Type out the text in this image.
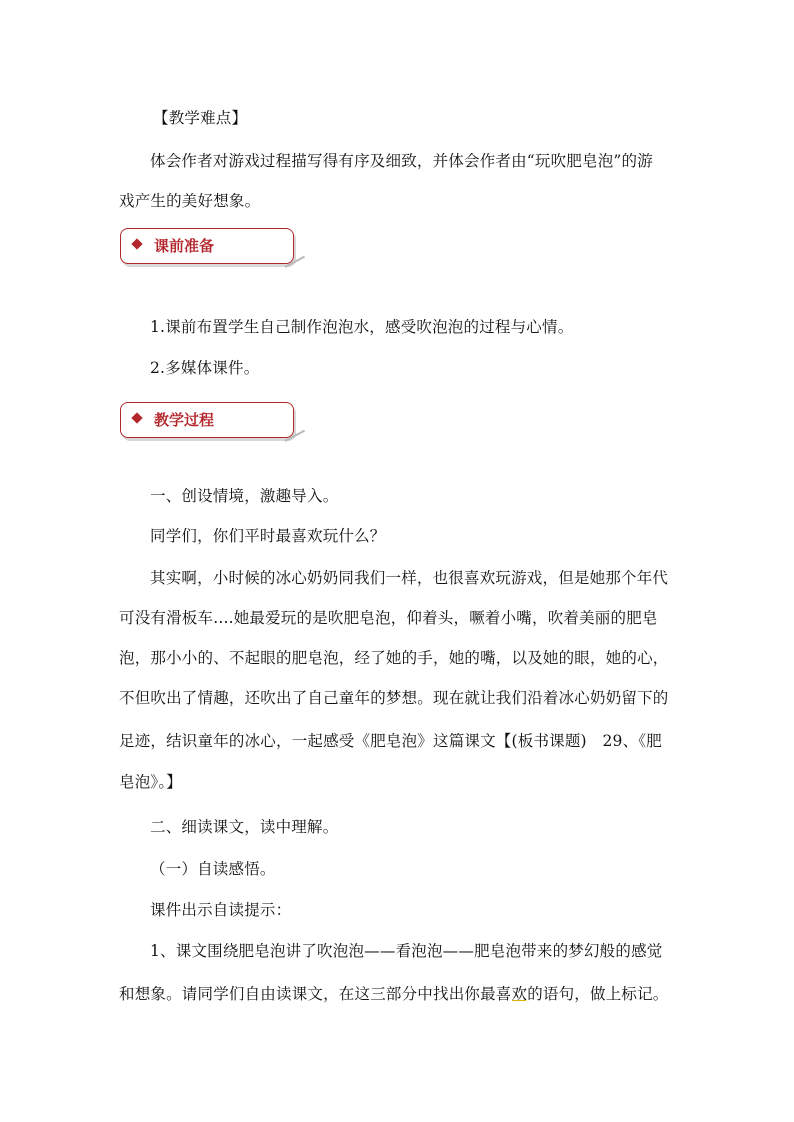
【教学难点】

体会作者对游戏过程描写得有序及细致，并体会作者由“玩吹肥皂泡”的游

戏产生的美好想象。

课前准备

1.课前布置学生自己制作泡泡水，感受吹泡泡的过程与心情。

2.多媒体课件。

教学过程

一、创设情境，激趣导入。

同学们，你们平时最喜欢玩什么？

其实啊，小时候的冰心奶奶同我们一样，也很喜欢玩游戏，但是她那个年代

可没有滑板车....她最爱玩的是吹肥皂泡，仰着头，噘着小嘴，吹着美丽的肥皂

泡，那小小的、不起眼的肥皂泡，经了她的手，她的嘴，以及她的眼，她的心，

不但吹出了情趣，还吹出了自己童年的梦想。现在就让我们沿着冰心奶奶留下的

足迹，结识童年的冰心，一起感受《肥皂泡》这篇课文【(板书课题)　29、《肥

皂泡》。】

二、细读课文，读中理解。

（一）自读感悟。

课件出示自读提示：

1、课文围绕肥皂泡讲了吹泡泡——看泡泡——肥皂泡带来的梦幻般的感觉

和想象。请同学们自由读课文，在这三部分中找出你最喜欢的语句，做上标记。
